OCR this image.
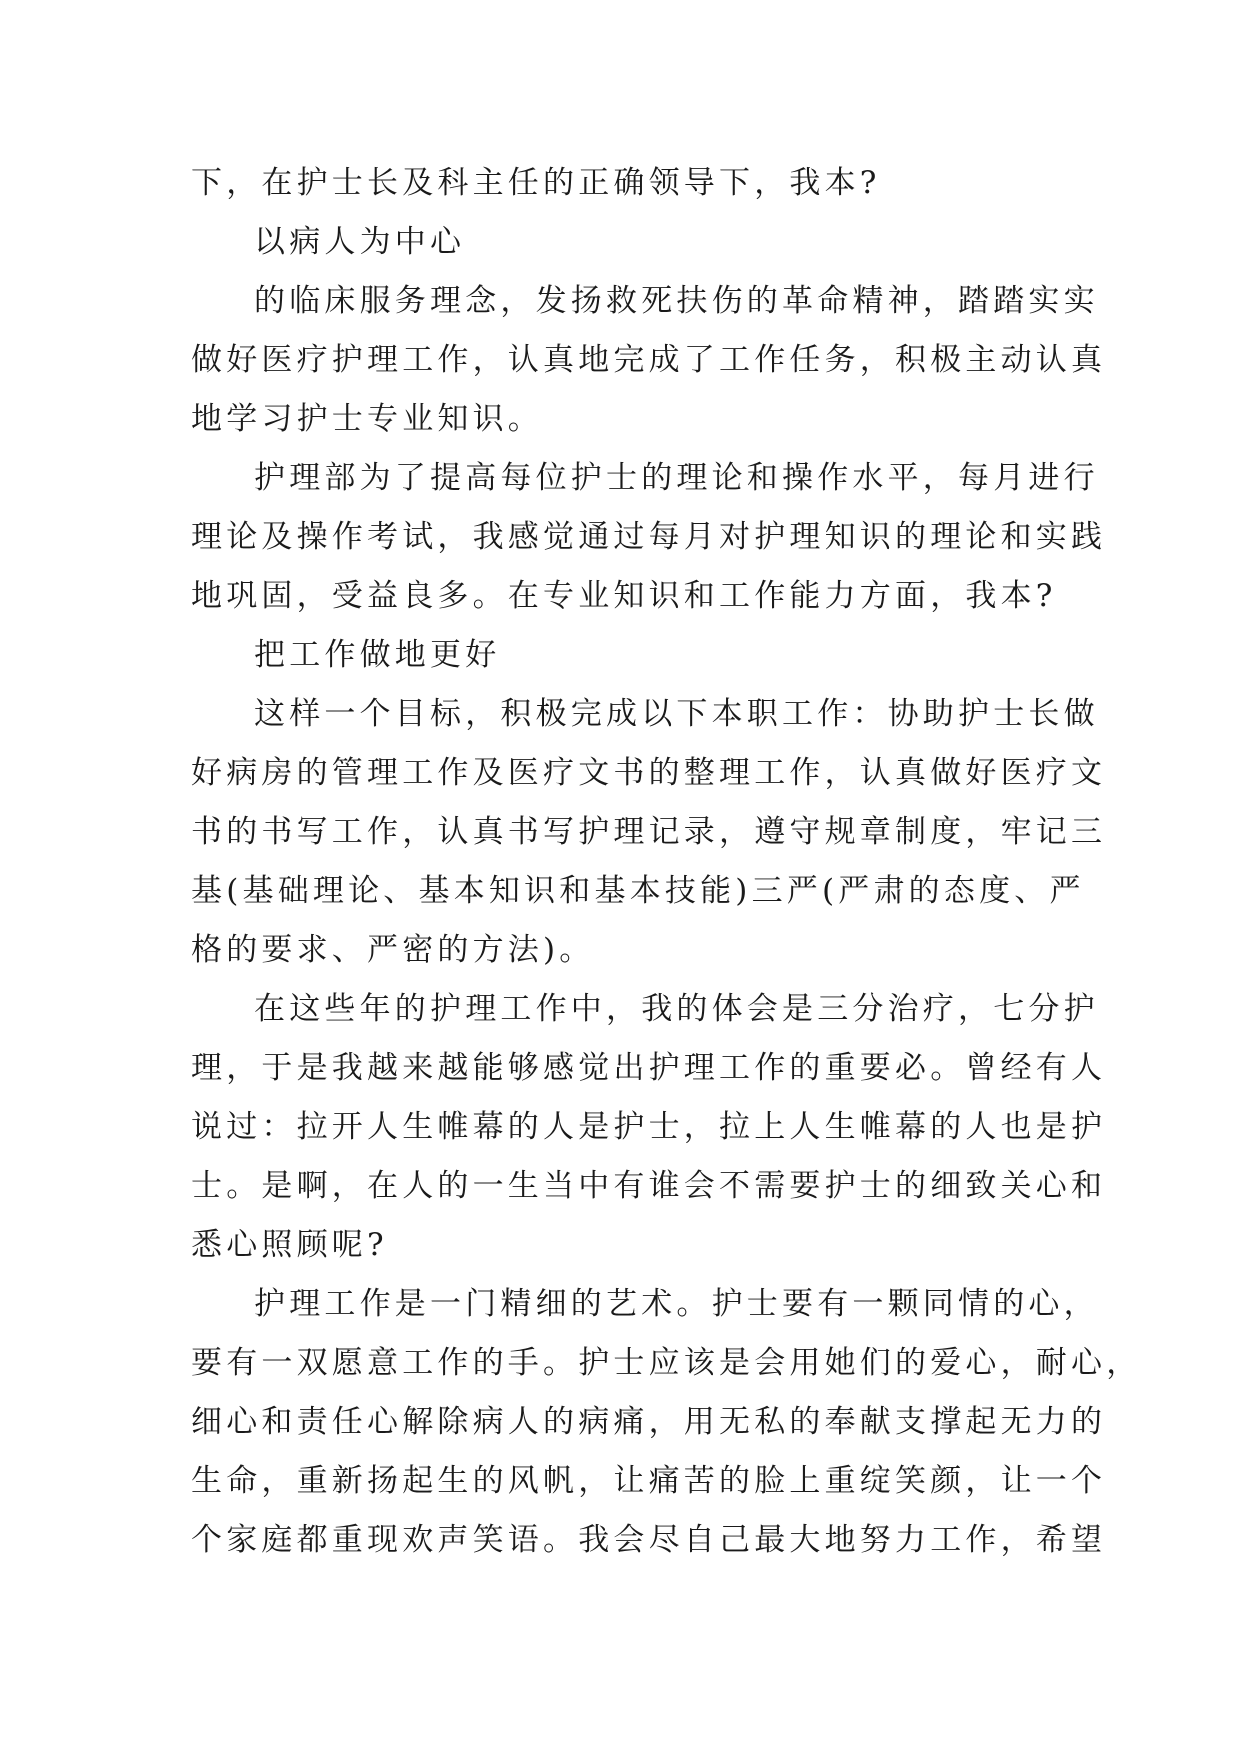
下，在护士长及科主任的正确领导下，我本?
以病人为中心
的临床服务理念，发扬救死扶伤的革命精神，踏踏实实
做好医疗护理工作，认真地完成了工作任务，积极主动认真
地学习护士专业知识。
护理部为了提高每位护士的理论和操作水平，每月进行
理论及操作考试，我感觉通过每月对护理知识的理论和实践
地巩固，受益良多。在专业知识和工作能力方面，我本?
把工作做地更好
这样一个目标，积极完成以下本职工作：协助护士长做
好病房的管理工作及医疗文书的整理工作，认真做好医疗文
书的书写工作，认真书写护理记录，遵守规章制度，牢记三
基(基础理论、基本知识和基本技能)三严(严肃的态度、严
格的要求、严密的方法)。
在这些年的护理工作中，我的体会是三分治疗，七分护
理，于是我越来越能够感觉出护理工作的重要必。曾经有人
说过：拉开人生帷幕的人是护士，拉上人生帷幕的人也是护
士。是啊，在人的一生当中有谁会不需要护士的细致关心和
悉心照顾呢?
护理工作是一门精细的艺术。护士要有一颗同情的心，
要有一双愿意工作的手。护士应该是会用她们的爱心，耐心，
细心和责任心解除病人的病痛，用无私的奉献支撑起无力的
生命，重新扬起生的风帆，让痛苦的脸上重绽笑颜，让一个
个家庭都重现欢声笑语。我会尽自己最大地努力工作，希望
